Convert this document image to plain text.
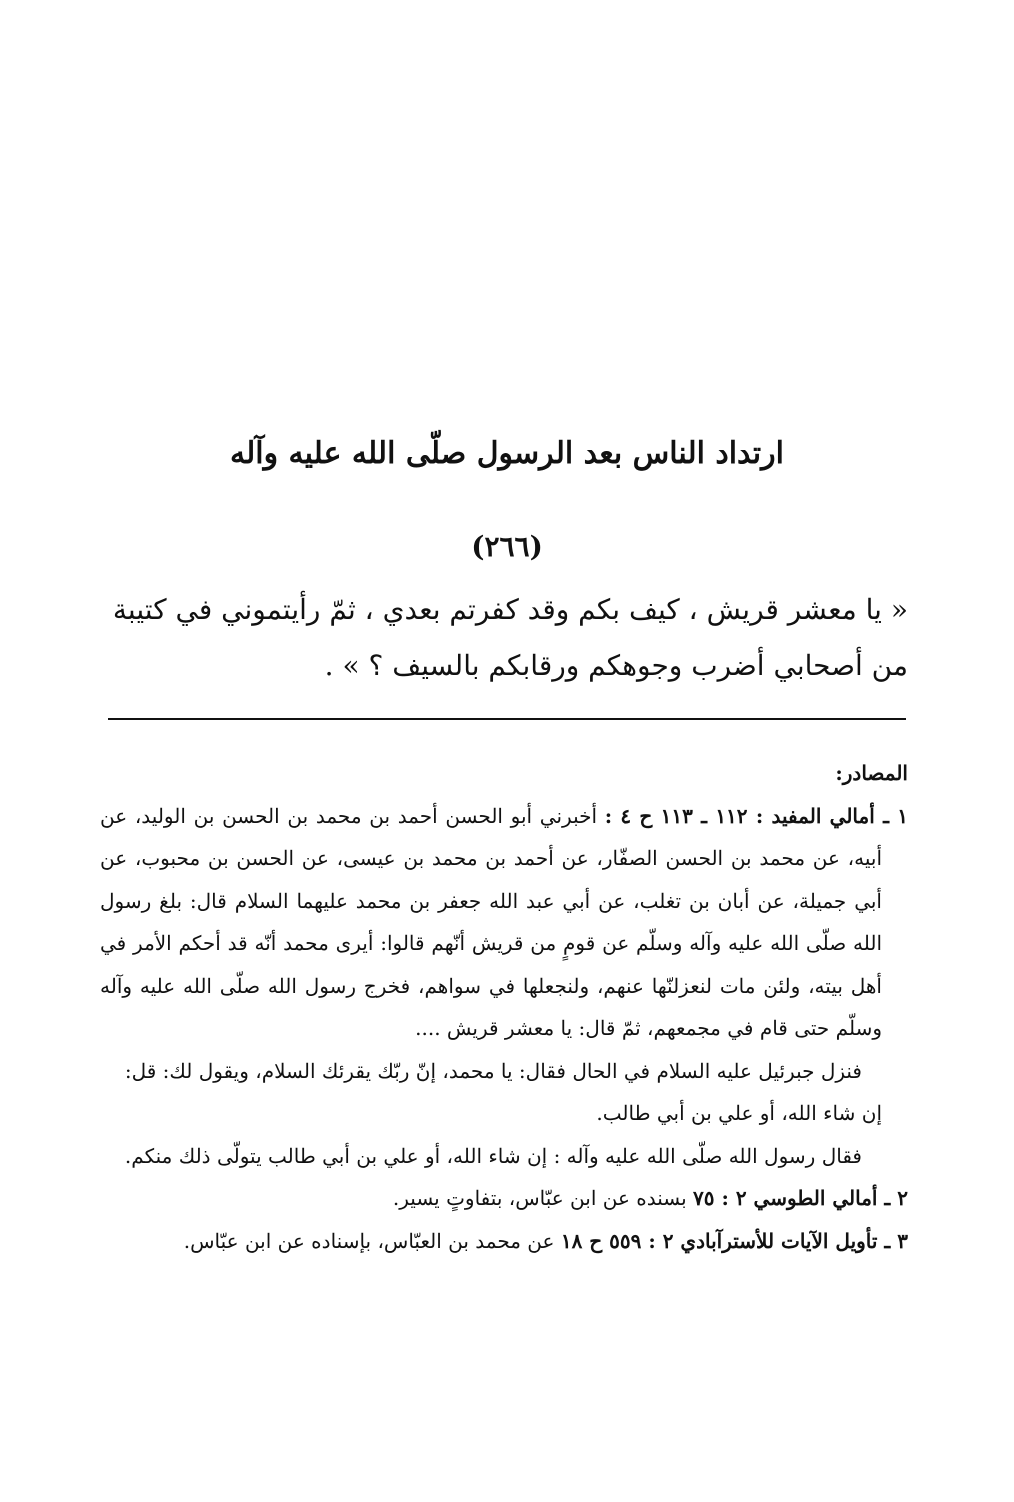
ارتداد الناس بعد الرسول صلّى الله عليه وآله
(٢٦٦)
« يا معشر قريش ، كيف بكم وقد كفرتم بعدي ، ثمّ رأيتموني في كتيبة من أصحابي أضرب وجوهكم ورقابكم بالسيف ؟ » .
المصادر:
١ ـ أمالي المفيد : ١١٢ ـ ١١٣ ح ٤ : أخبرني أبو الحسن أحمد بن محمد بن الحسن بن الوليد، عن أبيه، عن محمد بن الحسن الصفّار، عن أحمد بن محمد بن عيسى، عن الحسن بن محبوب، عن أبي جميلة، عن أبان بن تغلب، عن أبي عبد الله جعفر بن محمد عليهما السلام قال: بلغ رسول الله صلّى الله عليه وآله وسلّم عن قومٍ من قريش أنّهم قالوا: أيرى محمد أنّه قد أحكم الأمر في أهل بيته، ولئن مات لنعزلنّها عنهم، ولنجعلها في سواهم، فخرج رسول الله صلّى الله عليه وآله وسلّم حتى قام في مجمعهم، ثمّ قال: يا معشر قريش ....
فنزل جبرئيل عليه السلام في الحال فقال: يا محمد، إنّ ربّك يقرئك السلام، ويقول لك: قل: إن شاء الله، أو علي بن أبي طالب.
فقال رسول الله صلّى الله عليه وآله : إن شاء الله، أو علي بن أبي طالب يتولّى ذلك منكم.
٢ ـ أمالي الطوسي ٢ : ٧٥ بسنده عن ابن عبّاس، بتفاوتٍ يسير.
٣ ـ تأويل الآيات للأسترآبادي ٢ : ٥٥٩ ح ١٨ عن محمد بن العبّاس، بإسناده عن ابن عبّاس.
